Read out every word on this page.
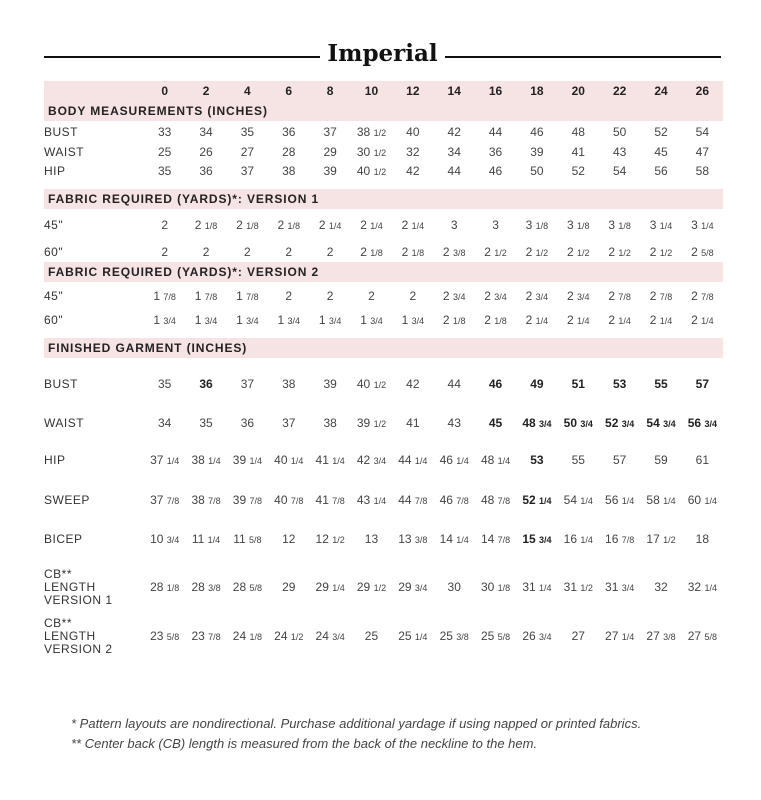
Imperial
	0	2	4	6	8	10	12	14	16	18	20	22	24	26
BODY MEASUREMENTS (INCHES)														
BUST	33	34	35	36	37	38 1/2	40	42	44	46	48	50	52	54
WAIST	25	26	27	28	29	30 1/2	32	34	36	39	41	43	45	47
HIP	35	36	37	38	39	40 1/2	42	44	46	50	52	54	56	58

FABRIC REQUIRED (YARDS)*: VERSION 1														
45"	2	2 1/8	2 1/8	2 1/8	2 1/4	2 1/4	2 1/4	3	3	3 1/8	3 1/8	3 1/8	3 1/4	3 1/4
60"	2	2	2	2	2	2 1/8	2 1/8	2 3/8	2 1/2	2 1/2	2 1/2	2 1/2	2 1/2	2 5/8
FABRIC REQUIRED (YARDS)*: VERSION 2														
45"	1 7/8	1 7/8	1 7/8	2	2	2	2	2 3/4	2 3/4	2 3/4	2 3/4	2 7/8	2 7/8	2 7/8
60"	1 3/4	1 3/4	1 3/4	1 3/4	1 3/4	1 3/4	1 3/4	2 1/8	2 1/8	2 1/4	2 1/4	2 1/4	2 1/4	2 1/4

FINISHED GARMENT (INCHES)														
BUST	35	36	37	38	39	40 1/2	42	44	46	49	51	53	55	57
WAIST	34	35	36	37	38	39 1/2	41	43	45	48 3/4	50 3/4	52 3/4	54 3/4	56 3/4
HIP	37 1/4	38 1/4	39 1/4	40 1/4	41 1/4	42 3/4	44 1/4	46 1/4	48 1/4	53	55	57	59	61
SWEEP	37 7/8	38 7/8	39 7/8	40 7/8	41 7/8	43 1/4	44 7/8	46 7/8	48 7/8	52 1/4	54 1/4	56 1/4	58 1/4	60 1/4
BICEP	10 3/4	11 1/4	11 5/8	12	12 1/2	13	13 3/8	14 1/4	14 7/8	15 3/4	16 1/4	16 7/8	17 1/2	18
CB** LENGTH VERSION 1	28 1/8	28 3/8	28 5/8	29	29 1/4	29 1/2	29 3/4	30	30 1/8	31 1/4	31 1/2	31 3/4	32	32 1/4
CB** LENGTH VERSION 2	23 5/8	23 7/8	24 1/8	24 1/2	24 3/4	25	25 1/4	25 3/8	25 5/8	26 3/4	27	27 1/4	27 3/8	27 5/8
* Pattern layouts are nondirectional. Purchase additional yardage if using napped or printed fabrics.
** Center back (CB) length is measured from the back of the neckline to the hem.
